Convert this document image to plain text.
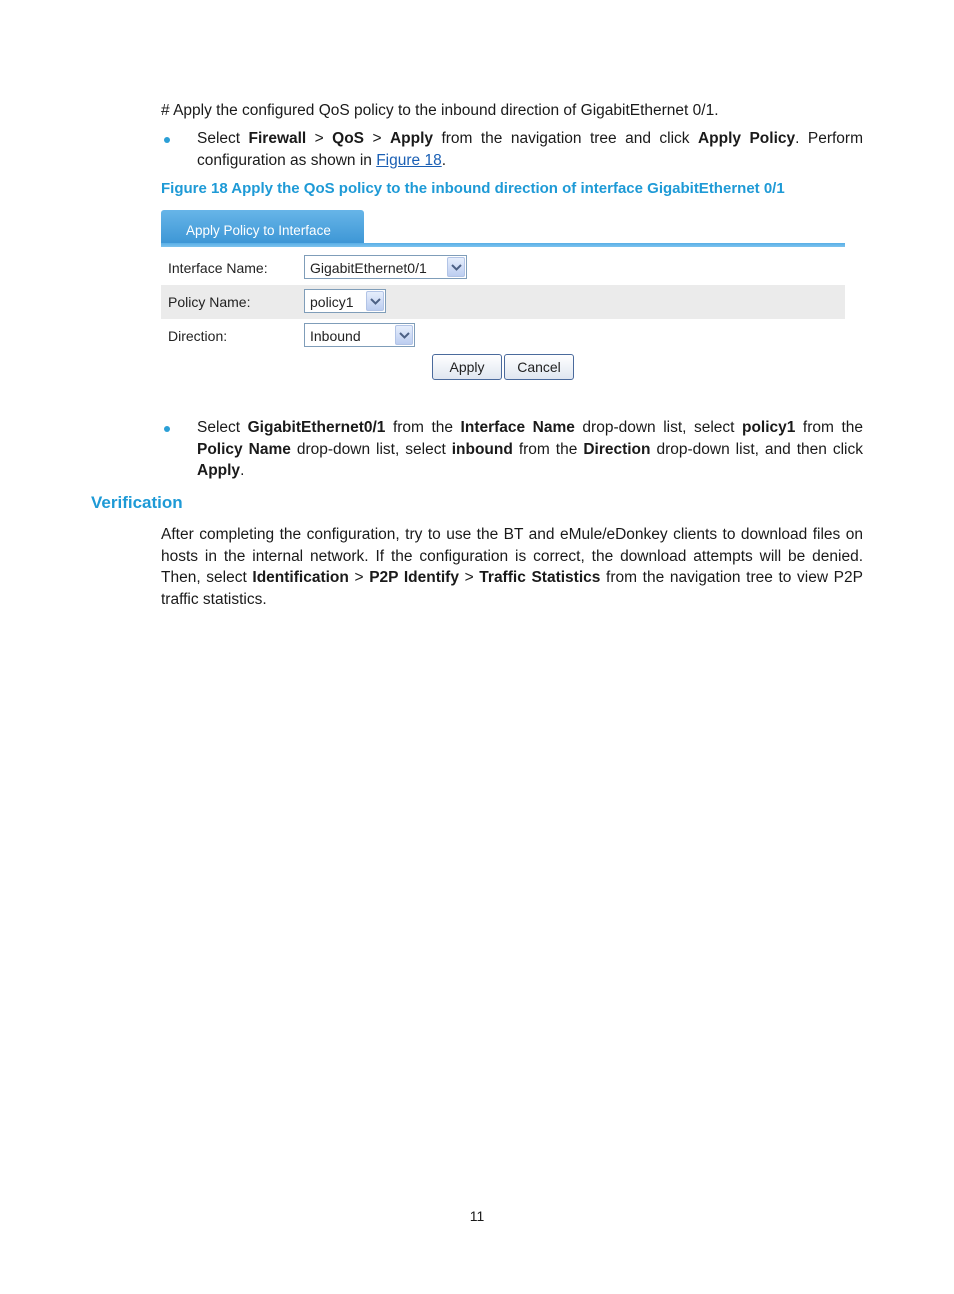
# Apply the configured QoS policy to the inbound direction of GigabitEthernet 0/1.
Select Firewall > QoS > Apply from the navigation tree and click Apply Policy. Perform configuration as shown in Figure 18.
Figure 18 Apply the QoS policy to the inbound direction of interface GigabitEthernet 0/1
Apply Policy to Interface
Interface Name:	GigabitEthernet0/1
Policy Name:	policy1
Direction:	Inbound
Apply	Cancel
Select GigabitEthernet0/1 from the Interface Name drop-down list, select policy1 from the Policy Name drop-down list, select inbound from the Direction drop-down list, and then click Apply.
Verification
After completing the configuration, try to use the BT and eMule/eDonkey clients to download files on hosts in the internal network. If the configuration is correct, the download attempts will be denied. Then, select Identification > P2P Identify > Traffic Statistics from the navigation tree to view P2P traffic statistics.
11
